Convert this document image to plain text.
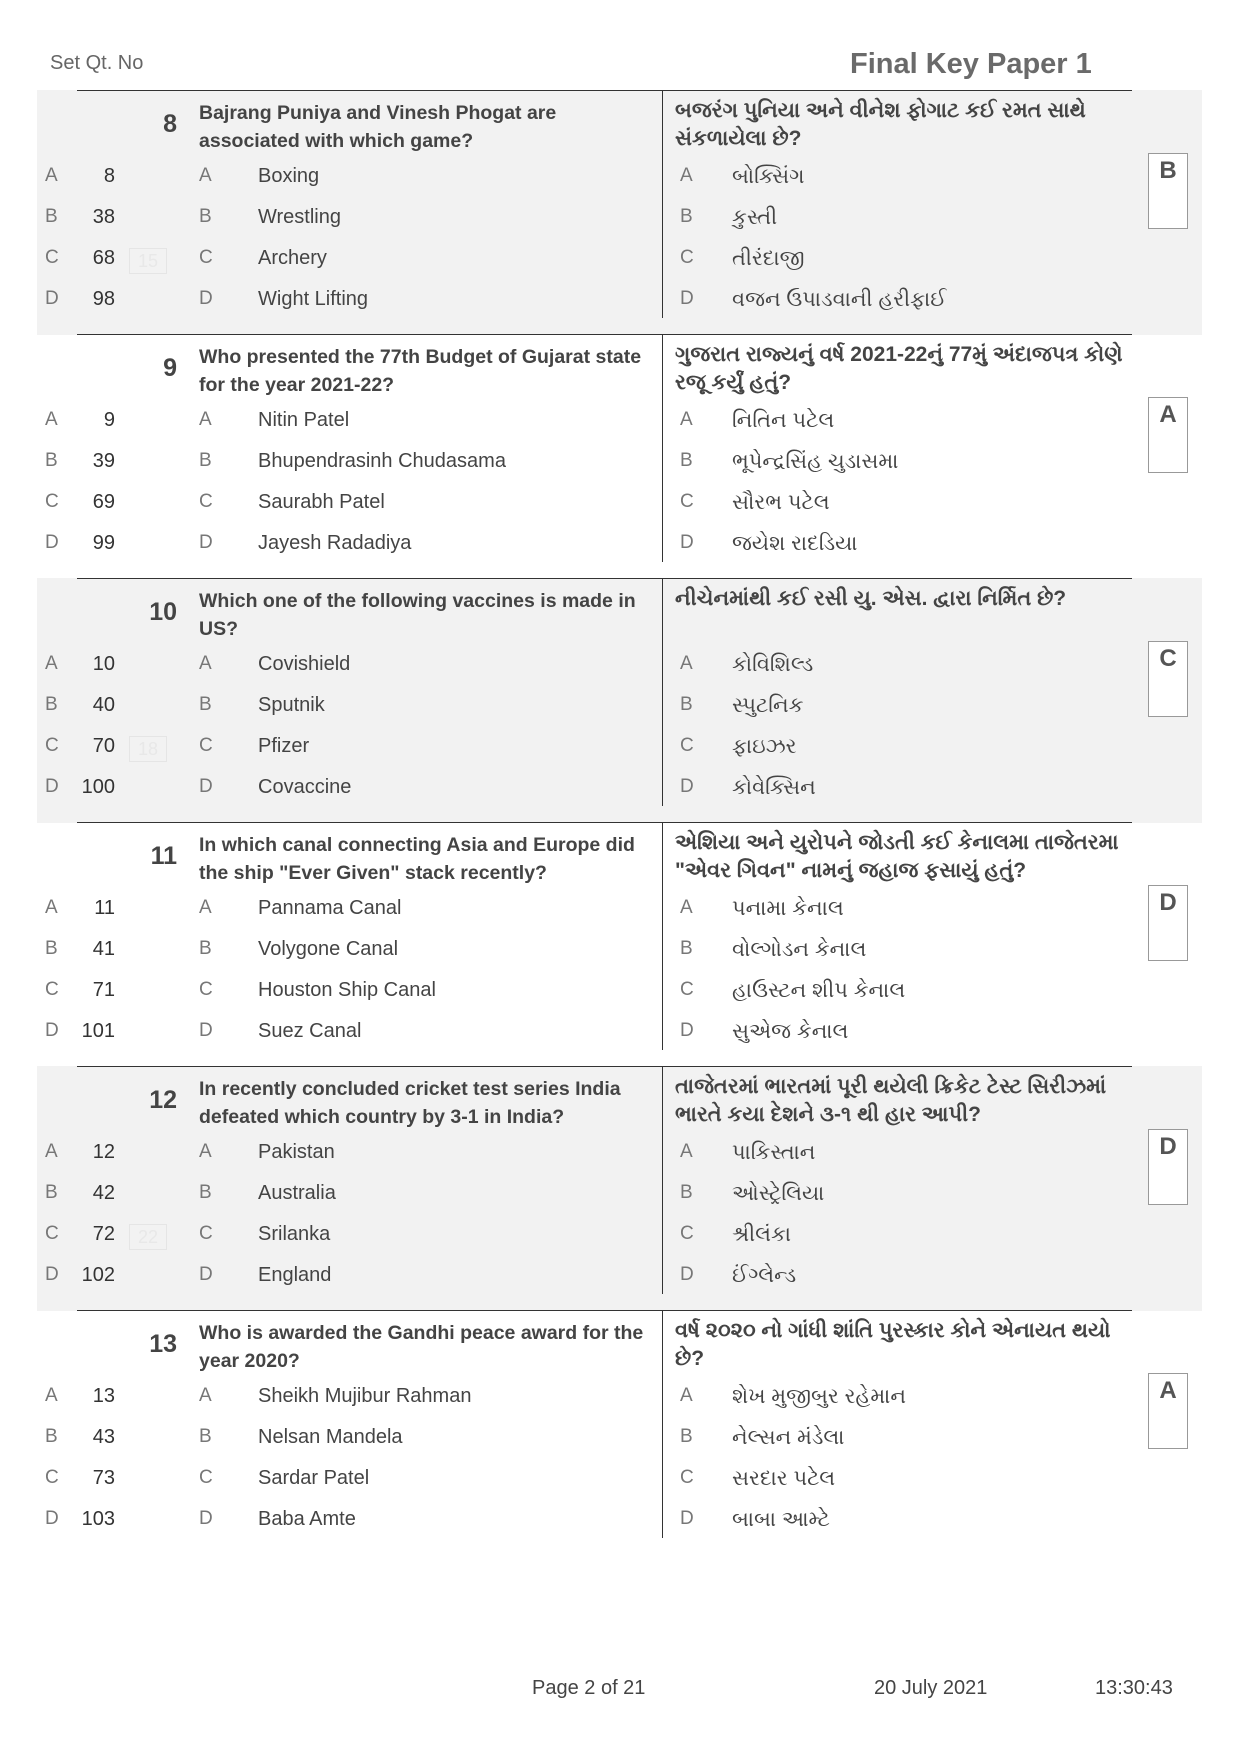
Set Qt. No	Final Key Paper 1
8 Bajrang Puniya and Vinesh Phogat are associated with which game?
બજરંગ પુનિયા અને વીનેશ ફોગાટ કઈ રમત સાથે સંકળાયેલા છે?
15
A	8	A Boxing	A બોક્સિંગ
B	38	B Wrestling	B કુસ્તી
C	68	C Archery	C તીરંદાજી
D	98	D Wight Lifting	D વજન ઉપાડવાની હરીફાઈ
B
9 Who presented the 77th Budget of Gujarat state for the year 2021-22?
ગુજરાત રાજ્યનું વર્ષ 2021-22નું 77મું અંદાજપત્ર કોણે રજૂ કર્યું હતું?
A	9	A Nitin Patel	A નિતિન પટેલ
B	39	B Bhupendrasinh Chudasama	B ભૂપેન્દ્રસિંહ ચુડાસમા
C	69	C Saurabh Patel	C સૌરભ પટેલ
D	99	D Jayesh Radadiya	D જયેશ રાદડિયા
A
10 Which one of the following vaccines is made in US?
નીચેનમાંથી કઈ રસી યુ. એસ. દ્વારા નિર્મિત છે?
18
A	10	A Covishield	A કોવિશિલ્ડ
B	40	B Sputnik	B સ્પુટનિક
C	70	C Pfizer	C ફાઇઝર
D	100	D Covaccine	D કોવેક્સિન
C
11 In which canal connecting Asia and Europe did the ship "Ever Given" stack recently?
એશિયા અને યુરોપને જોડતી કઈ કેનાલમા તાજેતરમા "એવર ગિવન" નામનું જહાજ ફસાયું હતું?
A	11	A Pannama Canal	A પનામા કેનાલ
B	41	B Volygone Canal	B વોલ્ગોડન કેનાલ
C	71	C Houston Ship Canal	C હાઉસ્ટન શીપ કેનાલ
D	101	D Suez Canal	D સુએજ કેનાલ
D
12 In recently concluded cricket test series India defeated which country by 3-1 in India?
તાજેતરમાં ભારતમાં પૂરી થયેલી ક્રિકેટ ટેસ્ટ સિરીઝમાં ભારતે કયા દેશને ૩-૧ થી હાર આપી?
22
A	12	A Pakistan	A પાકિસ્તાન
B	42	B Australia	B ઓસ્ટ્રેલિયા
C	72	C Srilanka	C શ્રીલંકા
D	102	D England	D ઈંગ્લેન્ડ
D
13 Who is awarded the Gandhi peace award for the year 2020?
વર્ષ ૨૦૨૦ નો ગાંધી શાંતિ પુરસ્કાર કોને એનાયત થયો છે?
A	13	A Sheikh Mujibur Rahman	A શેખ મુજીબુર રહેમાન
B	43	B Nelsan Mandela	B નેલ્સન મંડેલા
C	73	C Sardar Patel	C સરદાર પટેલ
D	103	D Baba Amte	D બાબા આમ્ટે
A
Page 2 of 21	20 July 2021	13:30:43
